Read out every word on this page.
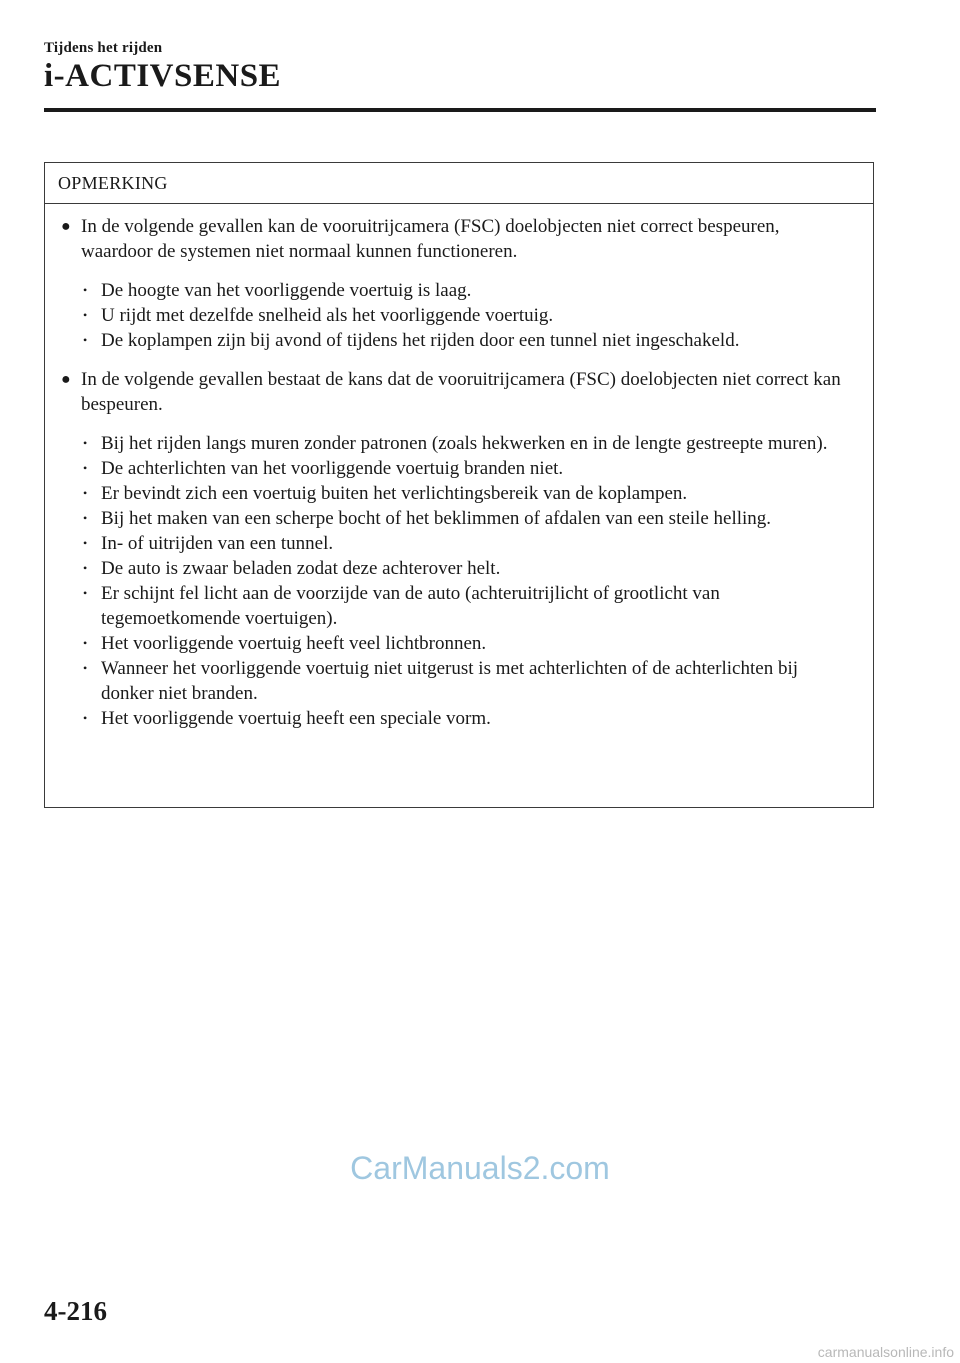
Tijdens het rijden
i-ACTIVSENSE
OPMERKING
● In de volgende gevallen kan de vooruitrijcamera (FSC) doelobjecten niet correct bespeuren, waardoor de systemen niet normaal kunnen functioneren.
• De hoogte van het voorliggende voertuig is laag.
• U rijdt met dezelfde snelheid als het voorliggende voertuig.
• De koplampen zijn bij avond of tijdens het rijden door een tunnel niet ingeschakeld.
● In de volgende gevallen bestaat de kans dat de vooruitrijcamera (FSC) doelobjecten niet correct kan bespeuren.
• Bij het rijden langs muren zonder patronen (zoals hekwerken en in de lengte gestreepte muren).
• De achterlichten van het voorliggende voertuig branden niet.
• Er bevindt zich een voertuig buiten het verlichtingsbereik van de koplampen.
• Bij het maken van een scherpe bocht of het beklimmen of afdalen van een steile helling.
• In- of uitrijden van een tunnel.
• De auto is zwaar beladen zodat deze achterover helt.
• Er schijnt fel licht aan de voorzijde van de auto (achteruitrijlicht of grootlicht van tegemoetkomende voertuigen).
• Het voorliggende voertuig heeft veel lichtbronnen.
• Wanneer het voorliggende voertuig niet uitgerust is met achterlichten of de achterlichten bij donker niet branden.
• Het voorliggende voertuig heeft een speciale vorm.
CarManuals2.com
4-216
carmanualsonline.info
